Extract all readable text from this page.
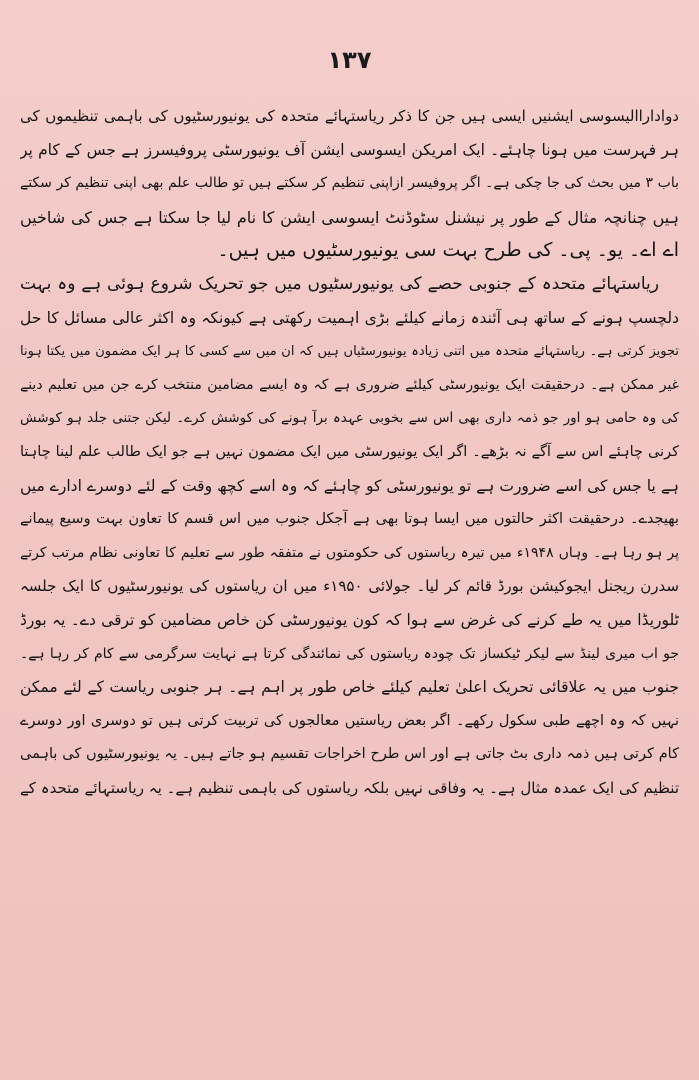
۱۳۷
دواداراالیسوسی ایشنیں ایسی ہیں جن کا ذکر ریاستہائے متحدہ کی یونیورسٹیوں کی باہمی تنظیموں کی
ہر فہرست میں ہونا چاہئے۔ ایک امریکن ایسوسی ایشن آف یونیورسٹی پروفیسرز ہے جس کے کام پر
باب ۳ میں بحث کی جا چکی ہے۔ اگر پروفیسر ازاپنی تنظیم کر سکتے ہیں تو طالب علم بھی اپنی تنظیم کر سکتے
ہیں چنانچہ مثال کے طور پر نیشنل سٹوڈنٹ ایسوسی ایشن کا نام لیا جا سکتا ہے جس کی شاخیں
اے اے۔ یو۔ پی۔ کی طرح بہت سی یونیورسٹیوں میں ہیں۔
ریاستہائے متحدہ کے جنوبی حصے کی یونیورسٹیوں میں جو تحریک شروع ہوئی ہے وہ بہت
دلچسپ ہونے کے ساتھ ہی آئندہ زمانے کیلئے بڑی اہمیت رکھتی ہے کیونکہ وہ اکثر عالی مسائل کا حل
تجویز کرتی ہے۔ ریاستہائے متحدہ میں اتنی زیادہ یونیورسٹیاں ہیں کہ ان میں سے کسی کا ہر ایک مضمون میں یکتا ہونا
غیر ممکن ہے۔ درحقیقت ایک یونیورسٹی کیلئے ضروری ہے کہ وہ ایسے مضامین منتخب کرے جن میں تعلیم دینے
کی وہ حامی ہو اور جو ذمہ داری بھی اس سے بخوبی عہدہ برآ ہونے کی کوشش کرے۔ لیکن جتنی جلد ہو کوشش
کرنی چاہئے اس سے آگے نہ بڑھے۔ اگر ایک یونیورسٹی میں ایک مضمون نہیں ہے جو ایک طالب علم لینا چاہتا
ہے یا جس کی اسے ضرورت ہے تو یونیورسٹی کو چاہئے کہ وہ اسے کچھ وقت کے لئے دوسرے ادارے میں
بھیجدے۔ درحقیقت اکثر حالتوں میں ایسا ہوتا بھی ہے آجکل جنوب میں اس قسم کا تعاون بہت وسیع پیمانے
پر ہو رہا ہے۔ وہاں ۱۹۴۸ء میں تیرہ ریاستوں کی حکومتوں نے متفقہ طور سے تعلیم کا تعاونی نظام مرتب کرتے
سدرن ریجنل ایجوکیشن بورڈ قائم کر لیا۔ جولائی ۱۹۵۰ء میں ان ریاستوں کی یونیورسٹیوں کا ایک جلسہ
ٹلوریڈا میں یہ طے کرنے کی غرض سے ہوا کہ کون یونیورسٹی کن خاص مضامین کو ترقی دے۔ یہ بورڈ
جو اب میری لینڈ سے لیکر ٹیکساز تک چودہ ریاستوں کی نمائندگی کرتا ہے نہایت سرگرمی سے کام کر رہا ہے۔
جنوب میں یہ علاقائی تحریک اعلیٰ تعلیم کیلئے خاص طور پر اہم ہے۔ ہر جنوبی ریاست کے لئے ممکن
نہیں کہ وہ اچھے طبی سکول رکھے۔ اگر بعض ریاستیں معالجوں کی تربیت کرتی ہیں تو دوسری اور دوسرے
کام کرتی ہیں ذمہ داری بٹ جاتی ہے اور اس طرح اخراجات تقسیم ہو جاتے ہیں۔ یہ یونیورسٹیوں کی باہمی
تنظیم کی ایک عمدہ مثال ہے۔ یہ وفاقی نہیں بلکہ ریاستوں کی باہمی تنظیم ہے۔ یہ ریاستہائے متحدہ کے
